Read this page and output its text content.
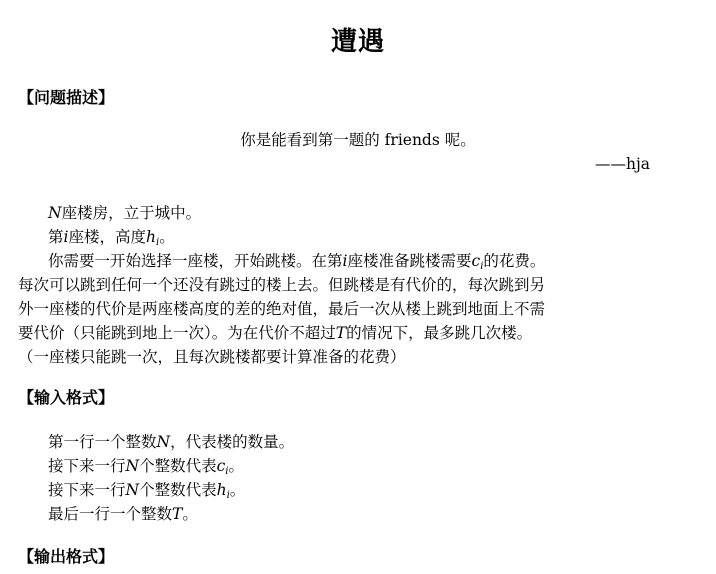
遭遇
【问题描述】
你是能看到第一题的 friends 呢。
——hja
N座楼房，立于城中。
第i座楼，高度$h_i$。
你需要一开始选择一座楼，开始跳楼。在第i座楼准备跳楼需要$c_i$的花费。
每次可以跳到任何一个还没有跳过的楼上去。但跳楼是有代价的，每次跳到另
外一座楼的代价是两座楼高度的差的绝对值，最后一次从楼上跳到地面上不需
要代价（只能跳到地上一次）。为在代价不超过T的情况下，最多跳几次楼。
（一座楼只能跳一次，且每次跳楼都要计算准备的花费）
【输入格式】
第一行一个整数N，代表楼的数量。
接下来一行N个整数代表$c_i$。
接下来一行N个整数代表$h_i$。
最后一行一个整数T。
【输出格式】
